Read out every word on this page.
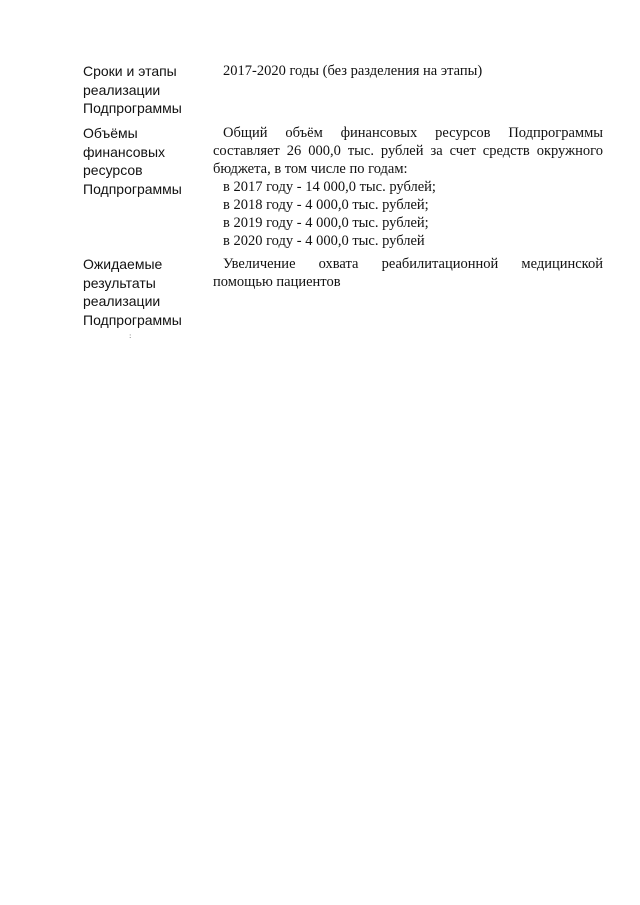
Сроки и этапы
реализации
Подпрограммы

2017-2020 годы (без разделения на этапы)

Объёмы
финансовых
ресурсов
Подпрограммы

Общий объём финансовых ресурсов Подпрограммы

составляет 26 000,0 тыс. рублей за счет средств окружного

бюджета, в том числе по годам:

в 2017 году - 14 000,0 тыс. рублей;
в 2018 году - 4 000,0 тыс. рублей;
в 2019 году - 4 000,0 тыс. рублей;
в 2020 году - 4 000,0 тыс. рублей
Ожидаемые
результаты
реализации
Подпрограммы

Увеличение охвата реабилитационной медицинской

помощью пациентов

:
